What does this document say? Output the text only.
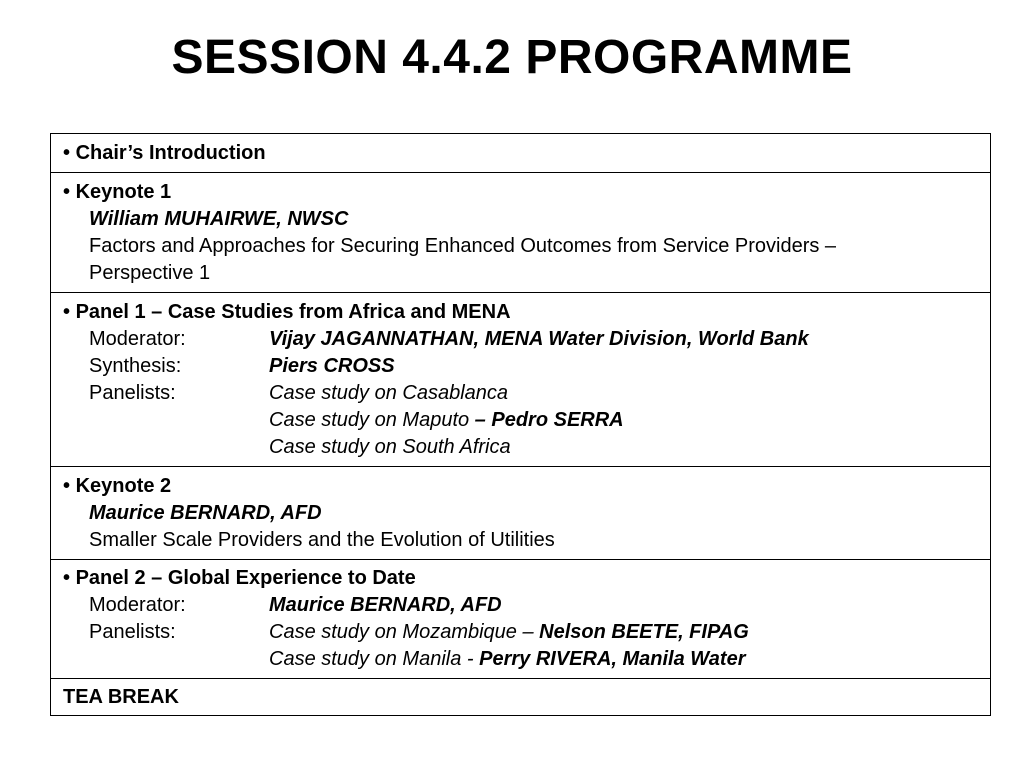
SESSION 4.4.2 PROGRAMME
• Chair’s Introduction
• Keynote 1
William MUHAIRWE, NWSC
Factors and Approaches for Securing Enhanced Outcomes from Service Providers –
Perspective 1
• Panel 1 – Case Studies from Africa and MENA
Moderator:	Vijay JAGANNATHAN, MENA Water Division, World Bank
Synthesis:	Piers CROSS
Panelists:	Case study on Casablanca
Case study on Maputo – Pedro SERRA
Case study on South Africa
• Keynote 2
Maurice BERNARD, AFD
Smaller Scale Providers and the Evolution of Utilities
• Panel 2 – Global Experience to Date
Moderator:	Maurice BERNARD, AFD
Panelists:	Case study on Mozambique – Nelson BEETE, FIPAG
Case study on Manila - Perry RIVERA, Manila Water
TEA BREAK
